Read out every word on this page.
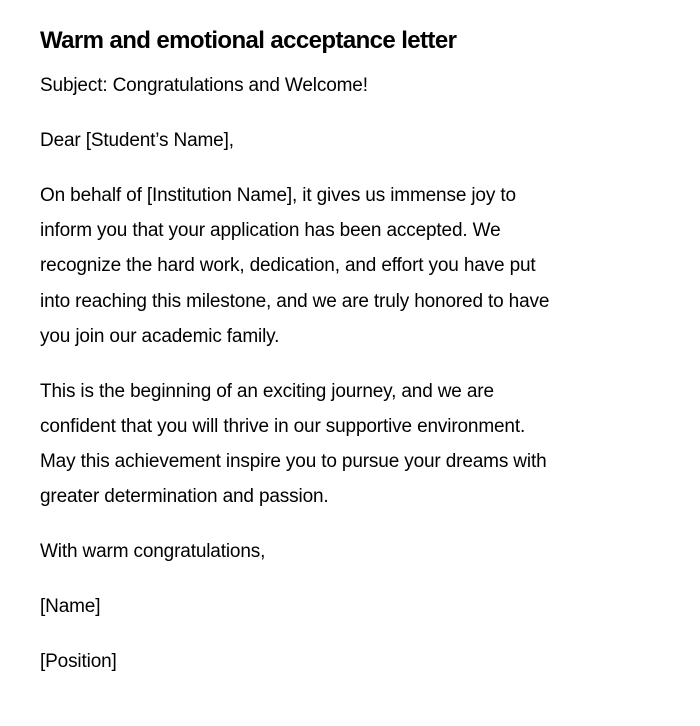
Warm and emotional acceptance letter

Subject: Congratulations and Welcome!

Dear [Student’s Name],

On behalf of [Institution Name], it gives us immense joy to
inform you that your application has been accepted. We
recognize the hard work, dedication, and effort you have put
into reaching this milestone, and we are truly honored to have
you join our academic family.

This is the beginning of an exciting journey, and we are
confident that you will thrive in our supportive environment.
May this achievement inspire you to pursue your dreams with
greater determination and passion.

With warm congratulations,

[Name]

[Position]
